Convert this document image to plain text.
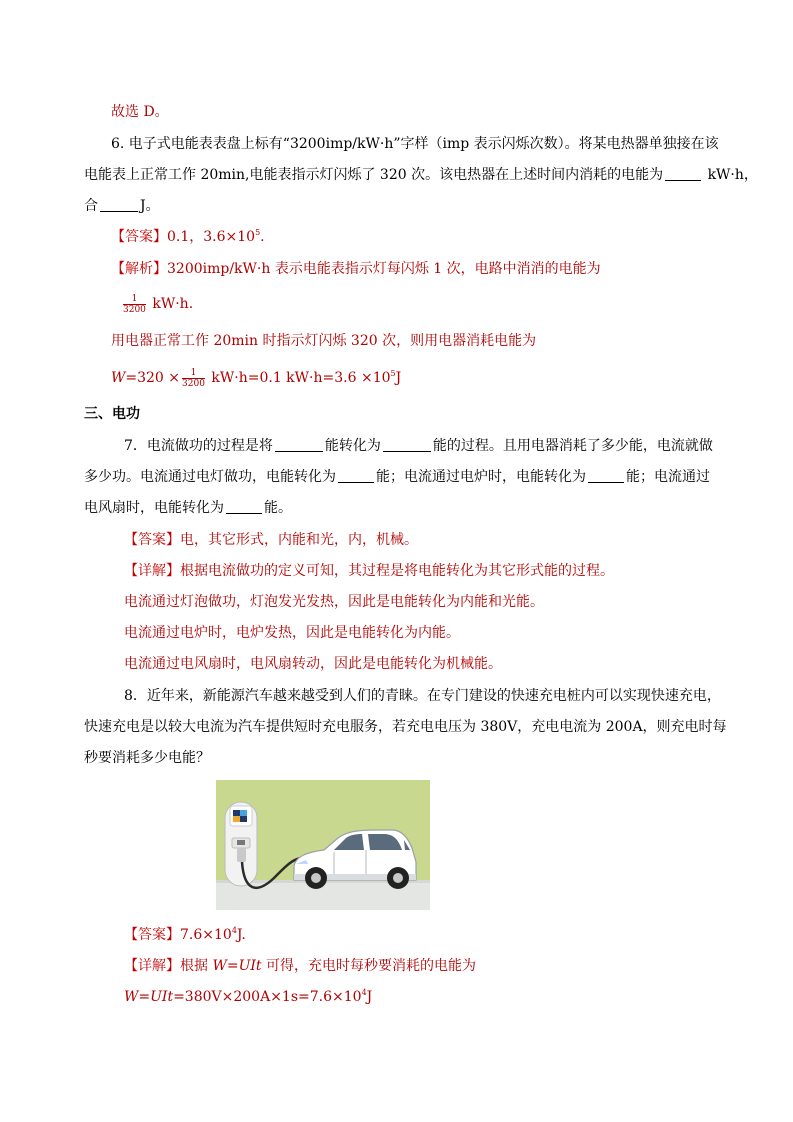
故选 D。
6. 电子式电能表表盘上标有“3200imp/kW·h”字样（imp 表示闪烁次数）。将某电热器单独接在该
电能表上正常工作 20min,电能表指示灯闪烁了 320 次。该电热器在上述时间内消耗的电能为	kW·h，
合	J。
【答案】0.1，$3.6\times 10^5$.
【解析】3200imp/kW·h 表示电能表指示灯每闪烁 1 次，电路中消消的电能为
$\frac{1}{3200} kW\cdot h$.
用电器正常工作 20min 时指示灯闪烁 320 次，则用电器消耗电能为
$W=320 \times \frac{1}{3200} kW\cdot h=0.1$ $kW\cdot h=3.6 \times 10^5J$
三、电功
7．电流做功的过程是将	能转化为	能的过程。且用电器消耗了多少能，电流就做
多少功。电流通过电灯做功，电能转化为	能；电流通过电炉时，电能转化为	能；电流通过
电风扇时，电能转化为	能。
【答案】电，其它形式，内能和光，内，机械。
【详解】根据电流做功的定义可知，其过程是将电能转化为其它形式能的过程。
电流通过灯泡做功，灯泡发光发热，因此是电能转化为内能和光能。
电流通过电炉时，电炉发热，因此是电能转化为内能。
电流通过电风扇时，电风扇转动，因此是电能转化为机械能。
8．近年来，新能源汽车越来越受到人们的青睐。在专门建设的快速充电桩内可以实现快速充电，
快速充电是以较大电流为汽车提供短时充电服务，若充电电压为 380V，充电电流为 200A，则充电时每
秒要消耗多少电能？
【答案】$7.6\times 10^4J$.
【详解】根据 W=UIt 可得，充电时每秒要消耗的电能为
$W=UIt=380V\times 200A\times 1s=7.6\times 10^4J$
